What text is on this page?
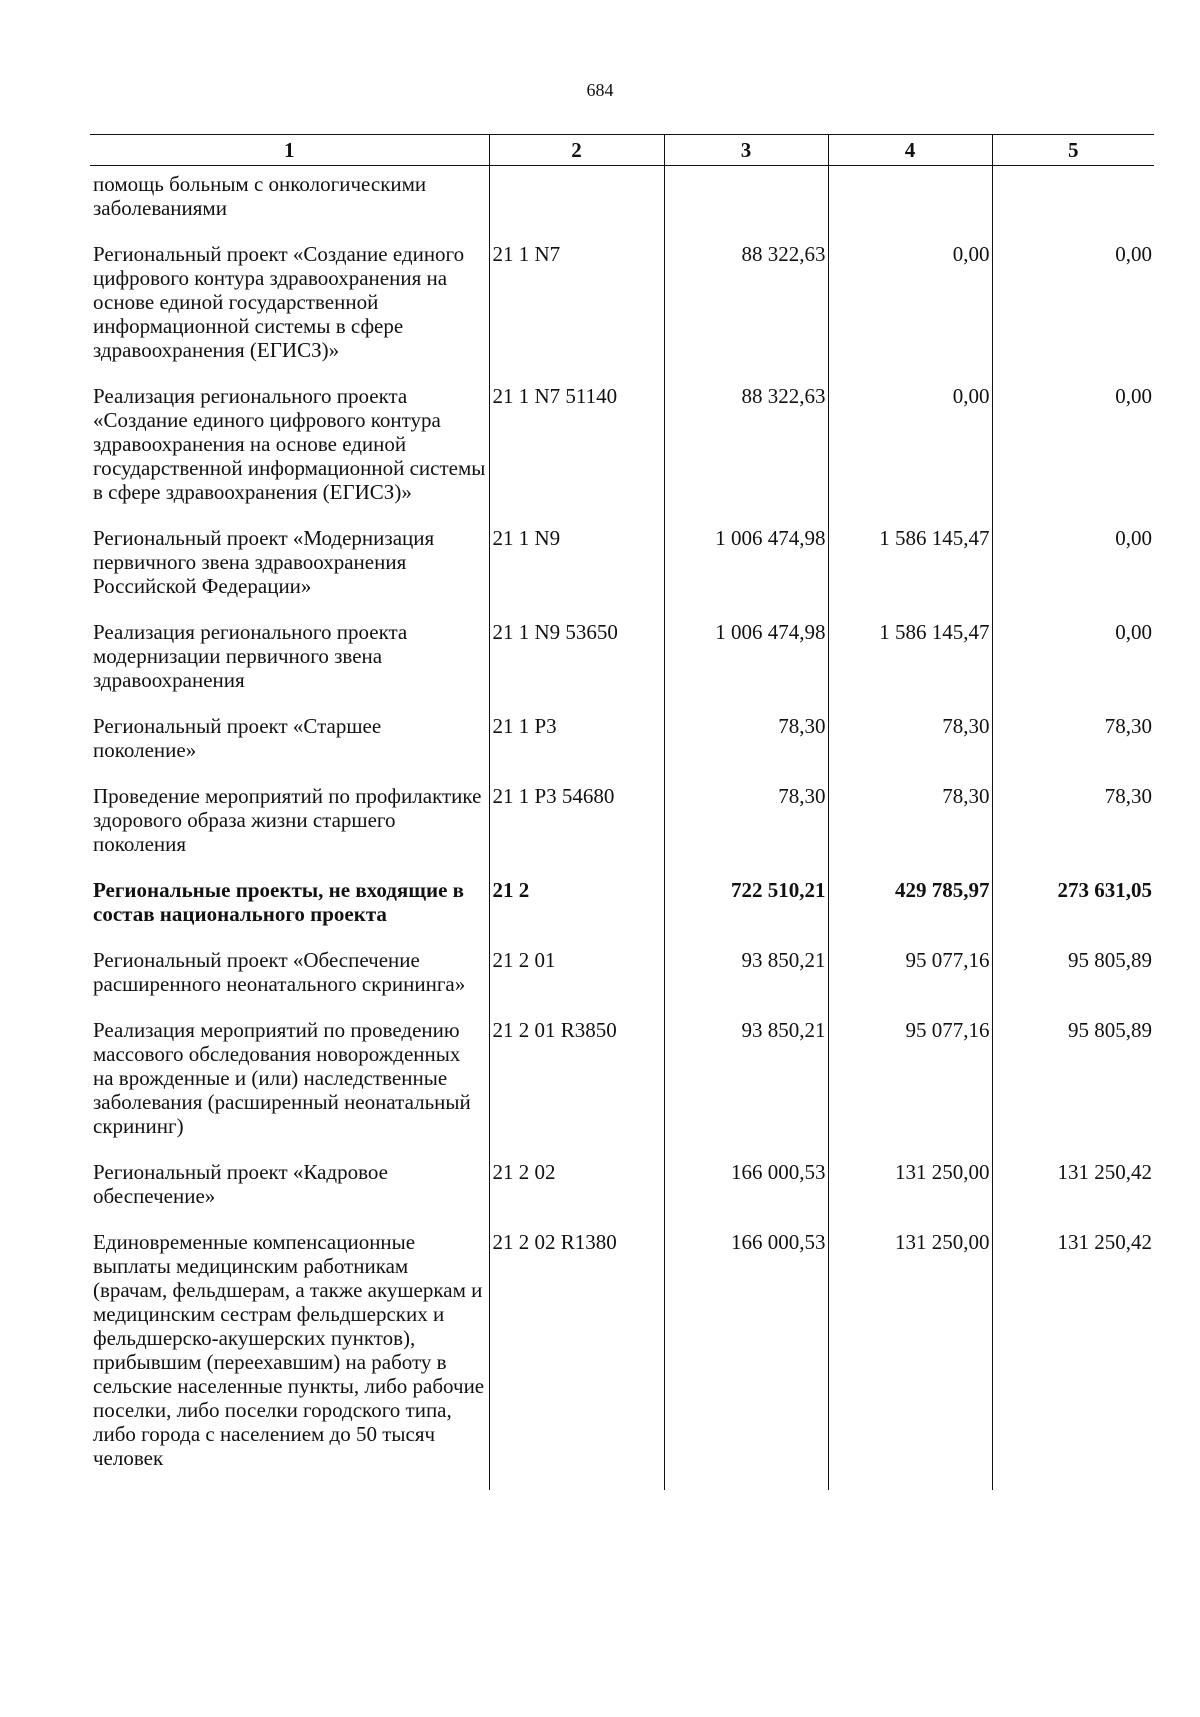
684
1	2	3	4	5
помощь больным с онкологическими заболеваниями				
Региональный проект «Создание единого цифрового контура здравоохранения на основе единой государственной информационной системы в сфере здравоохранения (ЕГИСЗ)»	21 1 N7	88 322,63	0,00	0,00
Реализация регионального проекта «Создание единого цифрового контура здравоохранения на основе единой государственной информационной системы в сфере здравоохранения (ЕГИСЗ)»	21 1 N7 51140	88 322,63	0,00	0,00
Региональный проект «Модернизация первичного звена здравоохранения Российской Федерации»	21 1 N9	1 006 474,98	1 586 145,47	0,00
Реализация регионального проекта модернизации первичного звена здравоохранения	21 1 N9 53650	1 006 474,98	1 586 145,47	0,00
Региональный проект «Старшее поколение»	21 1 P3	78,30	78,30	78,30
Проведение мероприятий по профилактике здорового образа жизни старшего поколения	21 1 P3 54680	78,30	78,30	78,30
Региональные проекты, не входящие в состав национального проекта	21 2	722 510,21	429 785,97	273 631,05
Региональный проект «Обеспечение расширенного неонатального скрининга»	21 2 01	93 850,21	95 077,16	95 805,89
Реализация мероприятий по проведению массового обследования новорожденных на врожденные и (или) наследственные заболевания (расширенный неонатальный скрининг)	21 2 01 R3850	93 850,21	95 077,16	95 805,89
Региональный проект «Кадровое обеспечение»	21 2 02	166 000,53	131 250,00	131 250,42
Единовременные компенсационные выплаты медицинским работникам (врачам, фельдшерам, а также акушеркам и медицинским сестрам фельдшерских и фельдшерско-акушерских пунктов), прибывшим (переехавшим) на работу в сельские населенные пункты, либо рабочие поселки, либо поселки городского типа, либо города с населением до 50 тысяч человек	21 2 02 R1380	166 000,53	131 250,00	131 250,42
